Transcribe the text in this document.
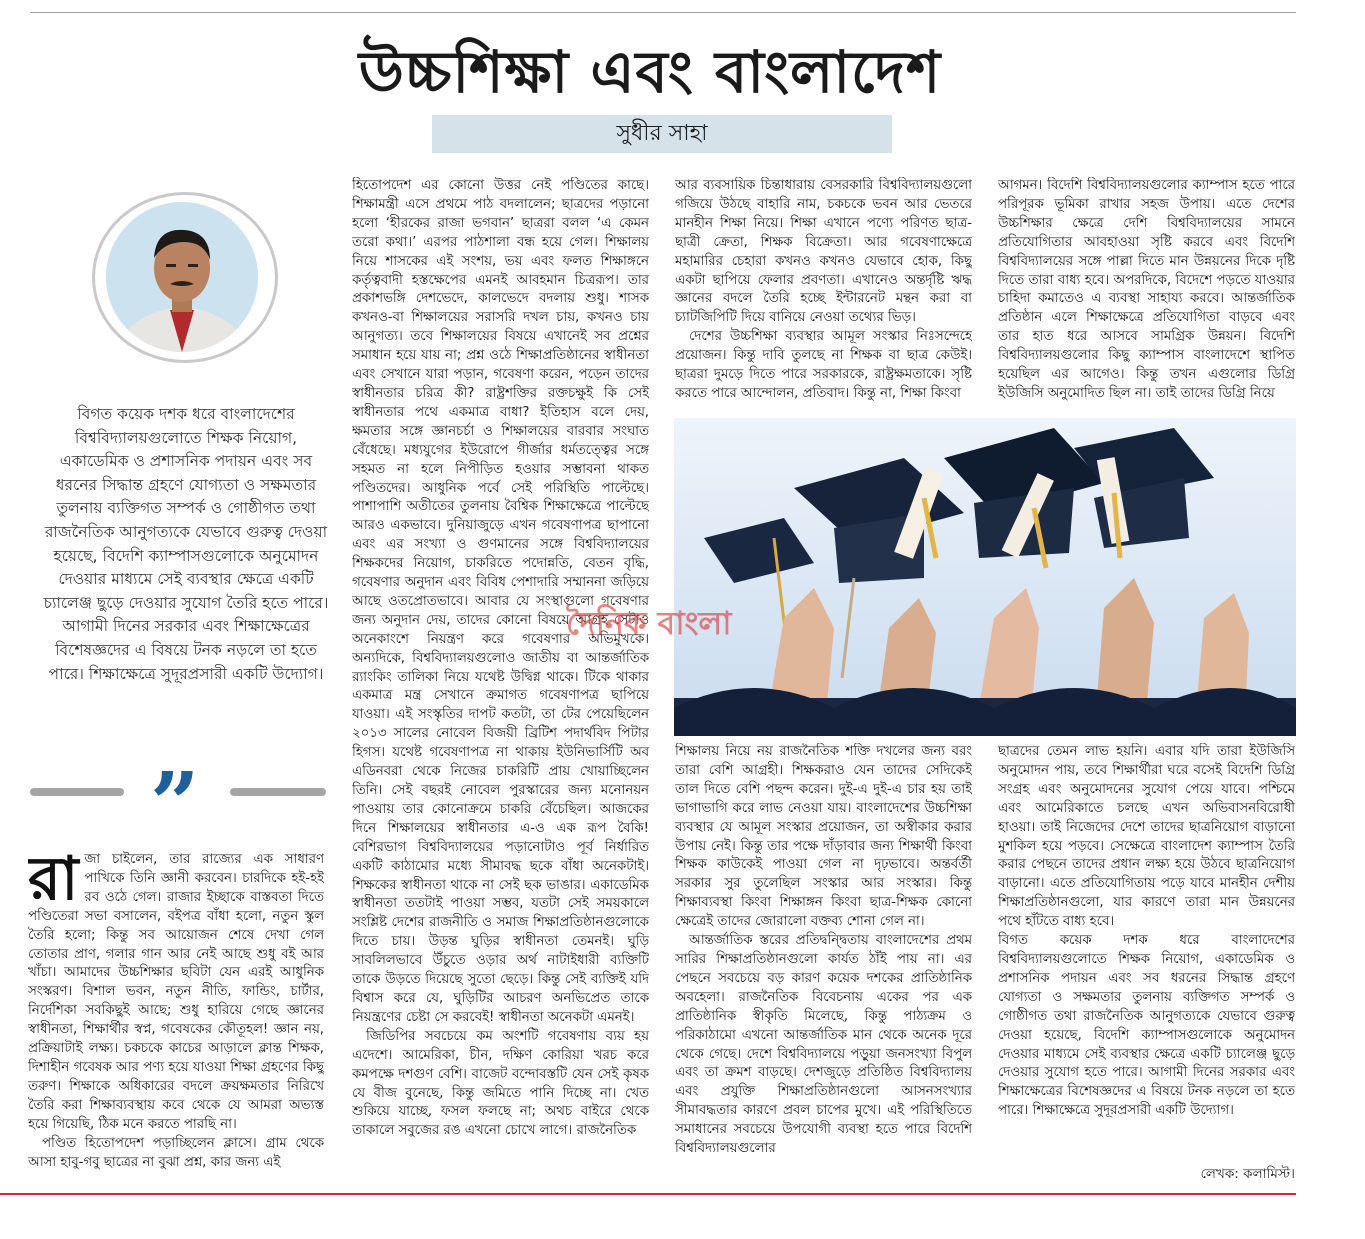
উচ্চশিক্ষা এবং বাংলাদেশ
সুধীর সাহা
বিগত কয়েক দশক ধরে বাংলাদেশের বিশ্ববিদ্যালয়গুলোতে শিক্ষক নিয়োগ, একাডেমিক ও প্রশাসনিক পদায়ন এবং সব ধরনের সিদ্ধান্ত গ্রহণে যোগ্যতা ও সক্ষমতার তুলনায় ব্যক্তিগত সম্পর্ক ও গোষ্ঠীগত তথা রাজনৈতিক আনুগত্যকে যেভাবে গুরুত্ব দেওয়া হয়েছে, বিদেশি ক্যাম্পাসগুলোকে অনুমোদন দেওয়ার মাধ্যমে সেই ব্যবস্থার ক্ষেত্রে একটি চ্যালেঞ্জ ছুড়ে দেওয়ার সুযোগ তৈরি হতে পারে। আগামী দিনের সরকার এবং শিক্ষাক্ষেত্রের বিশেষজ্ঞদের এ বিষয়ে টনক নড়লে তা হতে পারে। শিক্ষাক্ষেত্রে সুদূরপ্রসারী একটি উদ্যোগ।
”

রাজা চাইলেন, তার রাজ্যের এক সাধারণ পাখিকে তিনি জ্ঞানী করবেন। চারদিকে হই-হই রব ওঠে গেল। রাজার ইচ্ছাকে বাস্তবতা দিতে পণ্ডিতেরা সভা বসালেন, বইপত্র বাঁধা হলো, নতুন স্কুল তৈরি হলো; কিন্তু সব আয়োজন শেষে দেখা গেল তোতার প্রাণ, গলার গান আর নেই আছে শুধু বই আর খাঁচা। আমাদের উচ্চশিক্ষার ছবিটা যেন এরই আধুনিক সংস্করণ। বিশাল ভবন, নতুন নীতি, ফান্ডিং, চার্টার, নির্দেশিকা সবকিছুই আছে; শুধু হারিয়ে গেছে জ্ঞানের স্বাধীনতা, শিক্ষার্থীর স্বপ্ন, গবেষকের কৌতূহল! জ্ঞান নয়, প্রক্রিয়াটাই লক্ষ্য। চকচকে কাচের আড়ালে ক্লান্ত শিক্ষক, দিশাহীন গবেষক আর পণ্য হয়ে যাওয়া শিক্ষা গ্রহণের কিছু তরুণ। শিক্ষাকে অধিকারের বদলে ক্রয়ক্ষমতার নিরিখে তৈরি করা শিক্ষাব্যবস্থায় কবে থেকে যে আমরা অভ্যস্ত হয়ে গিয়েছি, ঠিক মনে করতে পারছি না।

পণ্ডিত হিতোপদেশ পড়াচ্ছিলেন ক্লাসে। গ্রাম থেকে আসা হাবু-গবু ছাত্রের না বুঝা প্রশ্ন, কার জন্য এই

হিতোপদেশ এর কোনো উত্তর নেই পণ্ডিতের কাছে। শিক্ষামন্ত্রী এসে প্রথমে পাঠ বদলালেন; ছাত্রদের পড়ানো হলো ‘হীরকের রাজা ভগবান’ ছাত্ররা বলল ‘এ কেমন তরো কথা।’ এরপর পাঠশালা বন্ধ হয়ে গেল। শিক্ষালয় নিয়ে শাসকের এই সংশয়, ভয় এবং ফলত শিক্ষাঙ্গনে কর্তৃত্ববাদী হস্তক্ষেপের এমনই আবহমান চিত্ররূপ। তার প্রকাশভঙ্গি দেশভেদে, কালভেদে বদলায় শুধু। শাসক কখনও-বা শিক্ষালয়ের সরাসরি দখল চায়, কখনও চায় আনুগত্য। তবে শিক্ষালয়ের বিষয়ে এখানেই সব প্রশ্নের সমাধান হয়ে যায় না; প্রশ্ন ওঠে শিক্ষাপ্রতিষ্ঠানের স্বাধীনতা এবং সেখানে যারা পড়ান, গবেষণা করেন, পড়েন তাদের স্বাধীনতার চরিত্র কী? রাষ্ট্রশক্তির রক্তচক্ষুই কি সেই স্বাধীনতার পথে একমাত্র বাধা? ইতিহাস বলে দেয়, ক্ষমতার সঙ্গে জ্ঞানচর্চা ও শিক্ষালয়ের বারবার সংঘাত বেঁধেছে। মধ্যযুগের ইউরোপে গীর্জার ধর্মতত্ত্বের সঙ্গে সহমত না হলে নিপীড়িত হওয়ার সম্ভাবনা থাকত পণ্ডিতদের। আধুনিক পর্বে সেই পরিস্থিতি পাল্টেছে। পাশাপাশি অতীতের তুলনায় বৈশ্বিক শিক্ষাক্ষেত্রে পাল্টেছে আরও একভাবে। দুনিয়াজুড়ে এখন গবেষণাপত্র ছাপানো এবং এর সংখ্যা ও গুণমানের সঙ্গে বিশ্ববিদ্যালয়ের শিক্ষকদের নিয়োগ, চাকরিতে পদোন্নতি, বেতন বৃদ্ধি, গবেষণার অনুদান এবং বিবিধ পেশাদারি সম্মাননা জড়িয়ে আছে ওতপ্রোতভাবে। আবার যে সংস্থাগুলো গবেষণার জন্য অনুদান দেয়, তাদের কোনো বিষয়ে আগ্রহ সেটাও অনেকাংশে নিয়ন্ত্রণ করে গবেষণার অভিমুখকে। অন্যদিকে, বিশ্ববিদ্যালয়গুলোও জাতীয় বা আন্তর্জাতিক র‍্যাংকিং তালিকা নিয়ে যথেষ্ট উদ্বিগ্ন থাকে। টিকে থাকার একমাত্র মন্ত্র সেখানে ক্রমাগত গবেষণাপত্র ছাপিয়ে যাওয়া। এই সংস্কৃতির দাপট কতটা, তা টের পেয়েছিলেন ২০১৩ সালের নোবেল বিজয়ী ব্রিটিশ পদার্থবিদ পিটার হিগস। যথেষ্ট গবেষণাপত্র না থাকায় ইউনিভার্সিটি অব এডিনবরা থেকে নিজের চাকরিটি প্রায় খোয়াচ্ছিলেন তিনি। সেই বছরই নোবেল পুরস্কারের জন্য মনোনয়ন পাওয়ায় তার কোনোক্রমে চাকরি বেঁচেছিল। আজকের দিনে শিক্ষালয়ের স্বাধীনতার এ-ও এক রূপ বৈকি! বেশিরভাগ বিশ্ববিদ্যালয়ের পড়ানোটাও পূর্ব নির্ধারিত একটি কাঠামোর মধ্যে সীমাবদ্ধ ছকে বাঁধা অনেকটাই। শিক্ষকের স্বাধীনতা থাকে না সেই ছক ভাঙার। একাডেমিক স্বাধীনতা ততটাই পাওয়া সম্ভব, যতটা সেই সময়কালে সংশ্লিষ্ট দেশের রাজনীতি ও সমাজ শিক্ষাপ্রতিষ্ঠানগুলোকে দিতে চায়। উড়ন্ত ঘুড়ির স্বাধীনতা তেমনই। ঘুড়ি সাবলিলভাবে উঁচুতে ওড়ার অর্থ নাটাইধারী ব্যক্তিটি তাকে উড়তে দিয়েছে সুতো ছেড়ে। কিন্তু সেই ব্যক্তিই যদি বিশ্বাস করে যে, ঘুড়িটির আচরণ অনভিপ্রেত তাকে নিয়ন্ত্রণের চেষ্টা সে করবেই! স্বাধীনতা অনেকটা এমনই।

জিডিপির সবচেয়ে কম অংশটি গবেষণায় ব্যয় হয় এদেশে। আমেরিকা, চীন, দক্ষিণ কোরিয়া খরচ করে কমপক্ষে দশগুণ বেশি। বাজেট বন্দোবস্তটি যেন সেই কৃষক যে বীজ বুনেছে, কিন্তু জমিতে পানি দিচ্ছে না। খেত শুকিয়ে যাচ্ছে, ফসল ফলছে না; অথচ বাইরে থেকে তাকালে সবুজের রঙ এখনো চোখে লাগে। রাজনৈতিক

আর ব্যবসায়িক চিন্তাধারায় বেসরকারি বিশ্ববিদ্যালয়গুলো গজিয়ে উঠছে বাহারি নাম, চকচকে ভবন আর ভেতরে মানহীন শিক্ষা নিয়ে। শিক্ষা এখানে পণ্যে পরিণত ছাত্র-ছাত্রী ক্রেতা, শিক্ষক বিক্রেতা। আর গবেষণাক্ষেত্রে মহামারির চেহারা কখনও কখনও যেভাবে হোক, কিছু একটা ছাপিয়ে ফেলার প্রবণতা। এখানেও অন্তর্দৃষ্টি ঋদ্ধ জ্ঞানের বদলে তৈরি হচ্ছে ইন্টারনেট মন্থন করা বা চ্যাটজিপিটি দিয়ে বানিয়ে নেওয়া তথ্যের ভিড়।

দেশের উচ্চশিক্ষা ব্যবস্থার আমূল সংস্কার নিঃসন্দেহে প্রয়োজন। কিন্তু দাবি তুলছে না শিক্ষক বা ছাত্র কেউই। ছাত্ররা দুমড়ে দিতে পারে সরকারকে, রাষ্ট্রক্ষমতাকে। সৃষ্টি করতে পারে আন্দোলন, প্রতিবাদ। কিন্তু না, শিক্ষা কিংবা

আগমন। বিদেশি বিশ্ববিদ্যালয়গুলোর ক্যাম্পাস হতে পারে পরিপূরক ভূমিকা রাখার সহজ উপায়। এতে দেশের উচ্চশিক্ষার ক্ষেত্রে দেশি বিশ্ববিদ্যালয়ের সামনে প্রতিযোগিতার আবহাওয়া সৃষ্টি করবে এবং বিদেশি বিশ্ববিদ্যালয়ের সঙ্গে পাল্লা দিতে মান উন্নয়নের দিকে দৃষ্টি দিতে তারা বাধ্য হবে। অপরদিকে, বিদেশে পড়তে যাওয়ার চাহিদা কমাতেও এ ব্যবস্থা সাহায্য করবে। আন্তর্জাতিক প্রতিষ্ঠান এলে শিক্ষাক্ষেত্রে প্রতিযোগিতা বাড়বে এবং তার হাত ধরে আসবে সামগ্রিক উন্নয়ন। বিদেশি বিশ্ববিদ্যালয়গুলোর কিছু ক্যাম্পাস বাংলাদেশে স্থাপিত হয়েছিল এর আগেও। কিন্তু তখন এগুলোর ডিগ্রি ইউজিসি অনুমোদিত ছিল না। তাই তাদের ডিগ্রি নিয়ে

দৈনিক বাংলা

শিক্ষালয় নিয়ে নয় রাজনৈতিক শক্তি দখলের জন্য বরং তারা বেশি আগ্রহী। শিক্ষকরাও যেন তাদের সেদিকেই তাল দিতে বেশি পছন্দ করেন। দুই-এ দুই-এ চার হয় তাই ভাগাভাগি করে লাভ নেওয়া যায়। বাংলাদেশের উচ্চশিক্ষা ব্যবস্থার যে আমূল সংস্কার প্রয়োজন, তা অস্বীকার করার উপায় নেই। কিন্তু তার পক্ষে দাঁড়াবার জন্য শিক্ষার্থী কিংবা শিক্ষক কাউকেই পাওয়া গেল না দৃঢ়ভাবে। অন্তর্বর্তী সরকার সুর তুলেছিল সংস্কার আর সংস্কার। কিন্তু শিক্ষাব্যবস্থা কিংবা শিক্ষাঙ্গন কিংবা ছাত্র-শিক্ষক কোনো ক্ষেত্রেই তাদের জোরালো বক্তব্য শোনা গেল না।

আন্তর্জাতিক স্তরের প্রতিদ্বন্দ্বিতায় বাংলাদেশের প্রথম সারির শিক্ষাপ্রতিষ্ঠানগুলো কার্যত ঠাঁই পায় না। এর পেছনে সবচেয়ে বড় কারণ কয়েক দশকের প্রাতিষ্ঠানিক অবহেলা। রাজনৈতিক বিবেচনায় একের পর এক প্রাতিষ্ঠানিক স্বীকৃতি মিলেছে, কিন্তু পাঠ্যক্রম ও পরিকাঠামো এখনো আন্তর্জাতিক মান থেকে অনেক দূরে থেকে গেছে। দেশে বিশ্ববিদ্যালয়ে পড়ুয়া জনসংখ্যা বিপুল এবং তা ক্রমশ বাড়ছে। দেশজুড়ে প্রতিষ্ঠিত বিশ্ববিদ্যালয় এবং প্রযুক্তি শিক্ষাপ্রতিষ্ঠানগুলো আসনসংখ্যার সীমাবদ্ধতার কারণে প্রবল চাপের মুখে। এই পরিস্থিতিতে সমাধানের সবচেয়ে উপযোগী ব্যবস্থা হতে পারে বিদেশি বিশ্ববিদ্যালয়গুলোর

ছাত্রদের তেমন লাভ হয়নি। এবার যদি তারা ইউজিসি অনুমোদন পায়, তবে শিক্ষার্থীরা ঘরে বসেই বিদেশি ডিগ্রি সংগ্রহ এবং অনুমোদনের সুযোগ পেয়ে যাবে। পশ্চিমে এবং আমেরিকাতে চলছে এখন অভিবাসনবিরোধী হাওয়া। তাই নিজেদের দেশে তাদের ছাত্রনিয়োগ বাড়ানো মুশকিল হয়ে পড়বে। সেক্ষেত্রে বাংলাদেশ ক্যাম্পাস তৈরি করার পেছনে তাদের প্রধান লক্ষ্য হয়ে উঠবে ছাত্রনিয়োগ বাড়ানো। এতে প্রতিযোগিতায় পড়ে যাবে মানহীন দেশীয় শিক্ষাপ্রতিষ্ঠানগুলো, যার কারণে তারা মান উন্নয়নের পথে হাঁটতে বাধ্য হবে।

বিগত কয়েক দশক ধরে বাংলাদেশের বিশ্ববিদ্যালয়গুলোতে শিক্ষক নিয়োগ, একাডেমিক ও প্রশাসনিক পদায়ন এবং সব ধরনের সিদ্ধান্ত গ্রহণে যোগ্যতা ও সক্ষমতার তুলনায় ব্যক্তিগত সম্পর্ক ও গোষ্ঠীগত তথা রাজনৈতিক আনুগত্যকে যেভাবে গুরুত্ব দেওয়া হয়েছে, বিদেশি ক্যাম্পাসগুলোকে অনুমোদন দেওয়ার মাধ্যমে সেই ব্যবস্থার ক্ষেত্রে একটি চ্যালেঞ্জ ছুড়ে দেওয়ার সুযোগ হতে পারে। আগামী দিনের সরকার এবং শিক্ষাক্ষেত্রের বিশেষজ্ঞদের এ বিষয়ে টনক নড়লে তা হতে পারে। শিক্ষাক্ষেত্রে সুদূরপ্রসারী একটি উদ্যোগ।

লেখক: কলামিস্ট।
